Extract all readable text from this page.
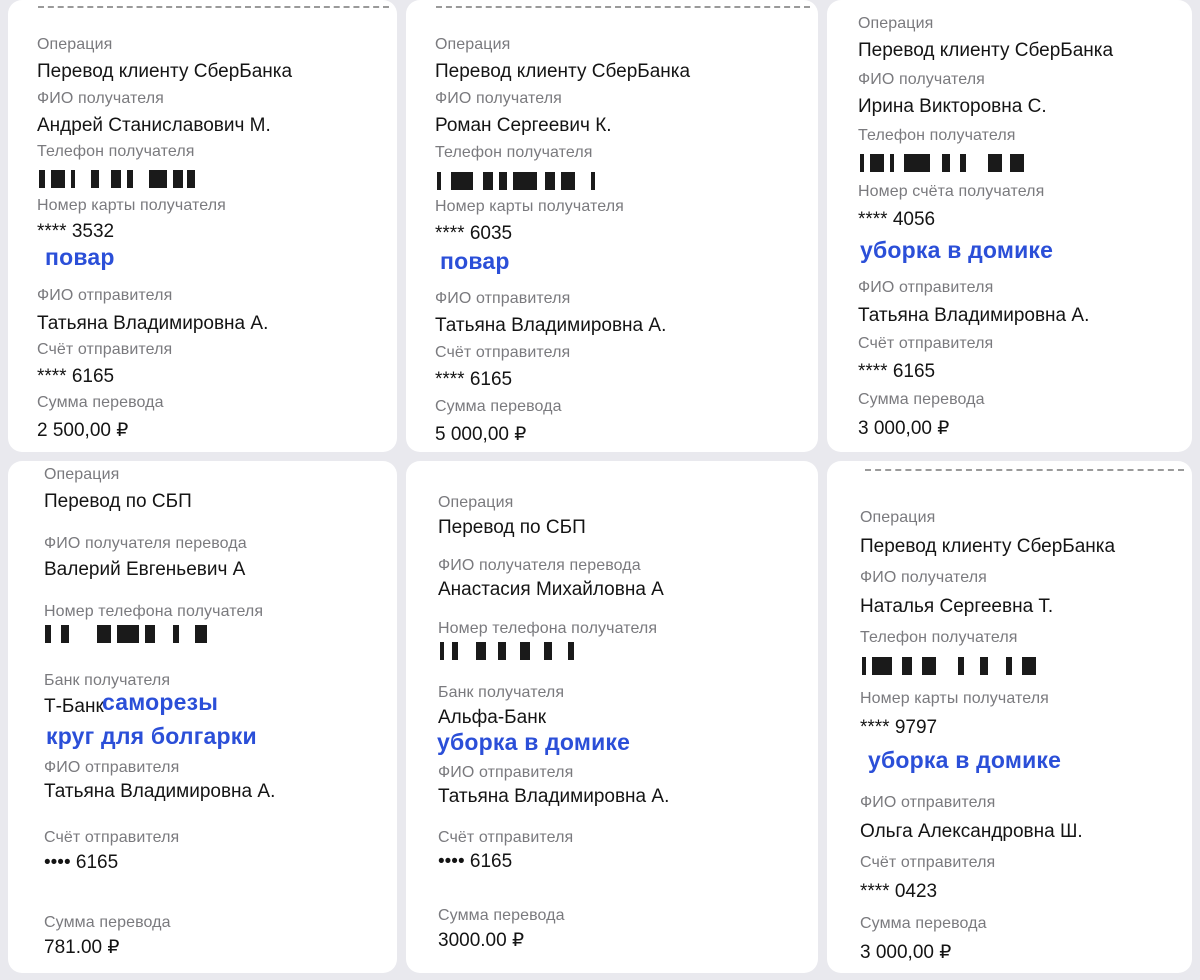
Операция
Перевод клиенту СберБанка
ФИО получателя
Андрей Станиславович М.
Телефон получателя
Номер карты получателя
**** 3532
повар
ФИО отправителя
Татьяна Владимировна А.
Счёт отправителя
**** 6165
Сумма перевода
2 500,00 ₽
Операция
Перевод клиенту СберБанка
ФИО получателя
Роман Сергеевич К.
Телефон получателя
Номер карты получателя
**** 6035
повар
ФИО отправителя
Татьяна Владимировна А.
Счёт отправителя
**** 6165
Сумма перевода
5 000,00 ₽
Операция
Перевод клиенту СберБанка
ФИО получателя
Ирина Викторовна С.
Телефон получателя
Номер счёта получателя
**** 4056
уборка в домике
ФИО отправителя
Татьяна Владимировна А.
Счёт отправителя
**** 6165
Сумма перевода
3 000,00 ₽
Операция
Перевод по СБП
ФИО получателя перевода
Валерий Евгеньевич А
Номер телефона получателя
Банк получателя
Т-Банк
саморезы
круг для болгарки
ФИО отправителя
Татьяна Владимировна А.
Счёт отправителя
•••• 6165
Сумма перевода
781.00 ₽
Операция
Перевод по СБП
ФИО получателя перевода
Анастасия Михайловна А
Номер телефона получателя
Банк получателя
Альфа-Банк
уборка в домике
ФИО отправителя
Татьяна Владимировна А.
Счёт отправителя
•••• 6165
Сумма перевода
3000.00 ₽
Операция
Перевод клиенту СберБанка
ФИО получателя
Наталья Сергеевна Т.
Телефон получателя
Номер карты получателя
**** 9797
уборка в домике
ФИО отправителя
Ольга Александровна Ш.
Счёт отправителя
**** 0423
Сумма перевода
3 000,00 ₽
